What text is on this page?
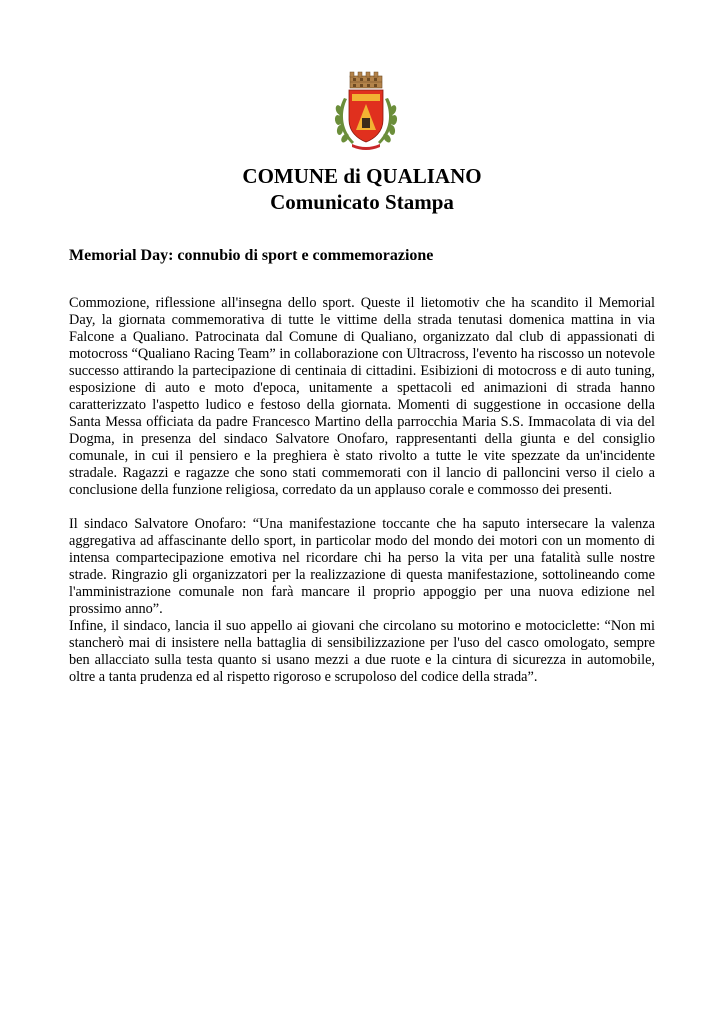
COMUNE di QUALIANO
Comunicato Stampa
Memorial Day: connubio di sport e commemorazione

Commozione, riflessione all'insegna dello sport. Queste il lietomotiv che ha scandito il Memorial Day, la giornata commemorativa di tutte le vittime della strada tenutasi domenica mattina in via Falcone a Qualiano. Patrocinata dal Comune di Qualiano, organizzato dal club di appassionati di motocross “Qualiano Racing Team” in collaborazione con Ultracross, l'evento ha riscosso un notevole successo attirando la partecipazione di centinaia di cittadini. Esibizioni di motocross e di auto tuning, esposizione di auto e moto d'epoca, unitamente a spettacoli ed animazioni di strada hanno caratterizzato l'aspetto ludico e festoso della giornata. Momenti di suggestione in occasione della Santa Messa officiata da padre Francesco Martino della parrocchia Maria S.S. Immacolata di via del Dogma, in presenza del sindaco Salvatore Onofaro, rappresentanti della giunta e del consiglio comunale, in cui il pensiero e la preghiera è stato rivolto a tutte le vite spezzate da un'incidente stradale. Ragazzi e ragazze che sono stati commemorati con il lancio di palloncini verso il cielo a conclusione della funzione religiosa, corredato da un applauso corale e commosso dei presenti.

Il sindaco Salvatore Onofaro: “Una manifestazione toccante che ha saputo intersecare la valenza aggregativa ad affascinante dello sport, in particolar modo del mondo dei motori con un momento di intensa compartecipazione emotiva nel ricordare chi ha perso la vita per una fatalità sulle nostre strade. Ringrazio gli organizzatori per la realizzazione di questa manifestazione, sottolineando come l'amministrazione comunale non farà mancare il proprio appoggio per una nuova edizione nel prossimo anno”.

Infine, il sindaco, lancia il suo appello ai giovani che circolano su motorino e motociclette: “Non mi stancherò mai di insistere nella battaglia di sensibilizzazione per l'uso del casco omologato, sempre ben allacciato sulla testa quanto si usano mezzi a due ruote e la cintura di sicurezza in automobile, oltre a tanta prudenza ed al rispetto rigoroso e scrupoloso del codice della strada”.
